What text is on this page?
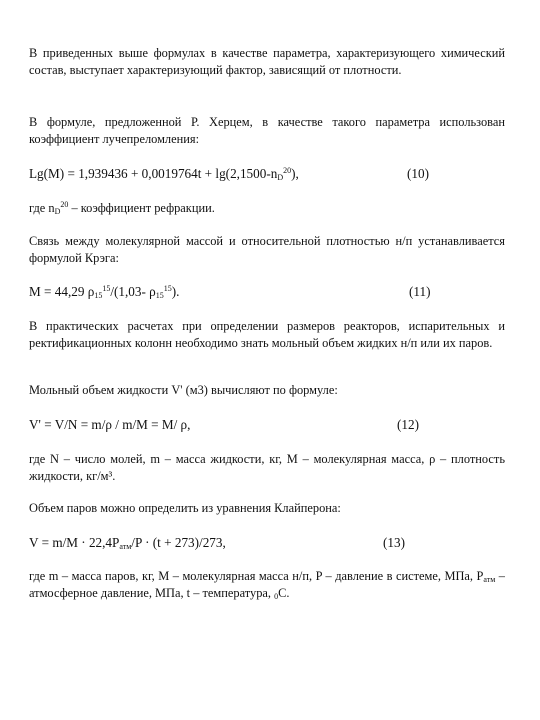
В приведенных выше формулах в качестве параметра, характеризующего химический состав, выступает характеризующий фактор, зависящий от плотности.
В формуле, предложенной Р. Херцем, в качестве такого параметра использован коэффициент лучепреломления:
$Lg(M) = 1,939436 + 0,0019764t + \lg(2,1500-n_D^{20})$,	(10)
где $n_D^{20}$ – коэффициент рефракции.
Связь между молекулярной массой и относительной плотностью н/п устанавливается формулой Крэга:
M = 44,29 $\rho_{15}^{15}/(1,03-$ $\rho_{15}^{15}$).	(11)
В практических расчетах при определении размеров реакторов, испарительных и ректификационных колонн необходимо знать мольный объем жидких н/п или их паров.
Мольный объем жидкости V' (м3) вычисляют по формуле:
V' = V/N = m/ρ / m/M = M/ ρ,	(12)
где N – число молей, m – масса жидкости, кг, M – молекулярная масса, ρ – плотность жидкости, кг/м³.
Объем паров можно определить из уравнения Клайперона:
$V = m/M \cdot 22,4P_{атм}/P \cdot (t + 273)/273$,	(13)
где m – масса паров, кг, M – молекулярная масса н/п, P – давление в системе, МПа, $P_{атм}$ – атмосферное давление, МПа, t – температура, $_0$С.
